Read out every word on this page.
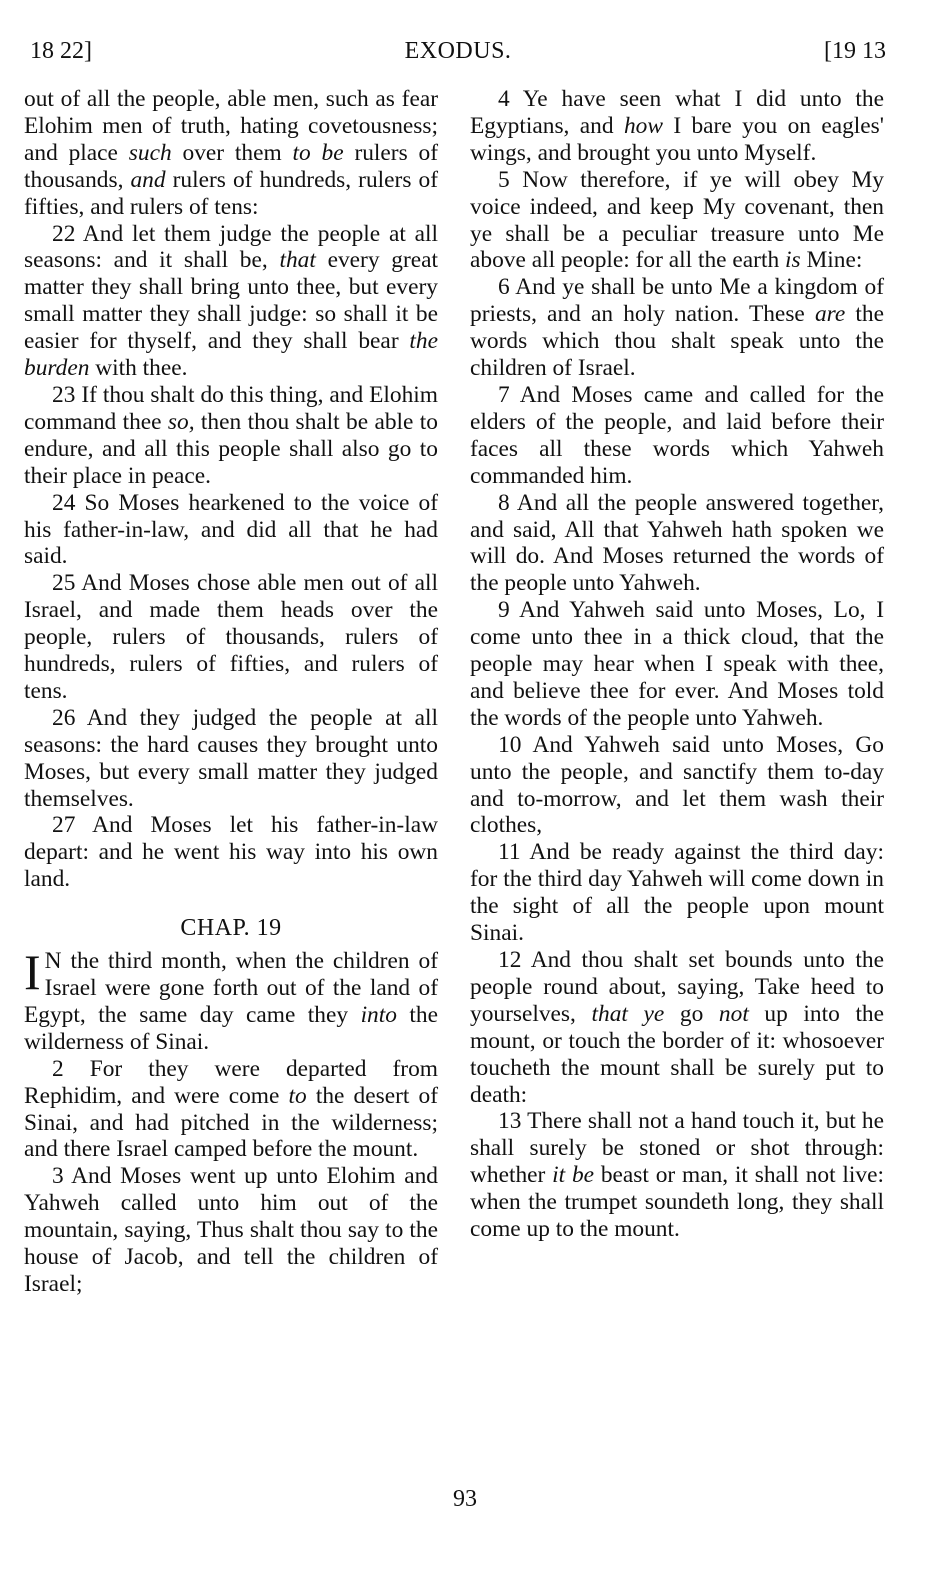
18 22]	EXODUS.	[19 13
out of all the people, able men, such as fear Elohim men of truth, hating covetousness; and place such over them to be rulers of thousands, and rulers of hundreds, rulers of fifties, and rulers of tens:
22 And let them judge the people at all seasons: and it shall be, that every great matter they shall bring unto thee, but every small matter they shall judge: so shall it be easier for thyself, and they shall bear the burden with thee.
23 If thou shalt do this thing, and Elohim command thee so, then thou shalt be able to endure, and all this people shall also go to their place in peace.
24 So Moses hearkened to the voice of his father-in-law, and did all that he had said.
25 And Moses chose able men out of all Israel, and made them heads over the people, rulers of thousands, rulers of hundreds, rulers of fifties, and rulers of tens.
26 And they judged the people at all seasons: the hard causes they brought unto Moses, but every small matter they judged themselves.
27 And Moses let his father-in-law depart: and he went his way into his own land.
CHAP. 19
I N the third month, when the children of Israel were gone forth out of the land of Egypt, the same day came they into the wilderness of Sinai.
2 For they were departed from Rephidim, and were come to the desert of Sinai, and had pitched in the wilderness; and there Israel camped before the mount.
3 And Moses went up unto Elohim and Yahweh called unto him out of the mountain, saying, Thus shalt thou say to the house of Jacob, and tell the children of Israel;
4 Ye have seen what I did unto the Egyptians, and how I bare you on eagles' wings, and brought you unto Myself.
5 Now therefore, if ye will obey My voice indeed, and keep My covenant, then ye shall be a peculiar treasure unto Me above all people: for all the earth is Mine:
6 And ye shall be unto Me a kingdom of priests, and an holy nation. These are the words which thou shalt speak unto the children of Israel.
7 And Moses came and called for the elders of the people, and laid before their faces all these words which Yahweh commanded him.
8 And all the people answered together, and said, All that Yahweh hath spoken we will do. And Moses returned the words of the people unto Yahweh.
9 And Yahweh said unto Moses, Lo, I come unto thee in a thick cloud, that the people may hear when I speak with thee, and believe thee for ever. And Moses told the words of the people unto Yahweh.
10 And Yahweh said unto Moses, Go unto the people, and sanctify them to-day and to-morrow, and let them wash their clothes,
11 And be ready against the third day: for the third day Yahweh will come down in the sight of all the people upon mount Sinai.
12 And thou shalt set bounds unto the people round about, saying, Take heed to yourselves, that ye go not up into the mount, or touch the border of it: whosoever toucheth the mount shall be surely put to death:
13 There shall not a hand touch it, but he shall surely be stoned or shot through: whether it be beast or man, it shall not live: when the trumpet soundeth long, they shall come up to the mount.
93
